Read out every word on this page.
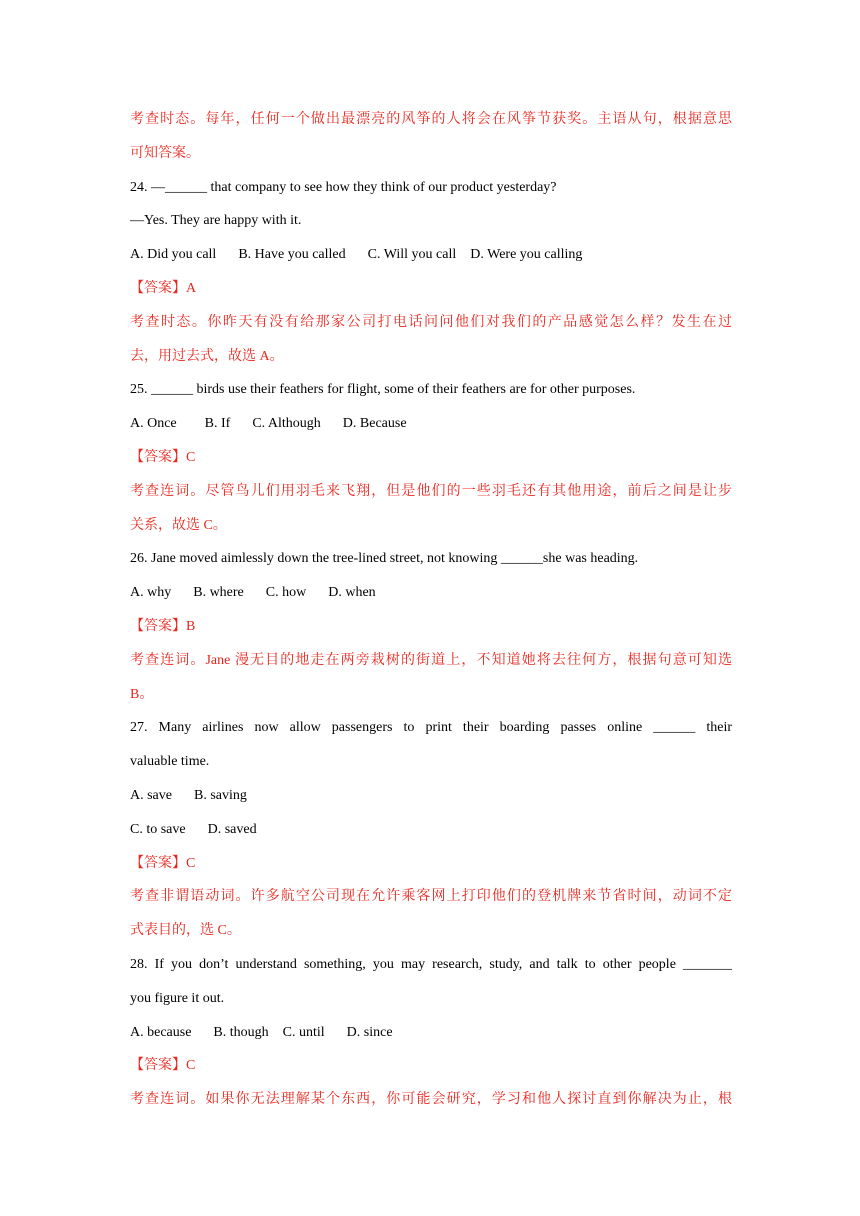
考查时态。每年，任何一个做出最漂亮的风筝的人将会在风筝节获奖。主语从句，根据意思
可知答案。
24. —______ that company to see how they think of our product yesterday?
—Yes. They are happy with it.
A. Did you call B. Have you called C. Will you call D. Were you calling
【答案】A
考查时态。你昨天有没有给那家公司打电话问问他们对我们的产品感觉怎么样？发生在过
去，用过去式，故选 A。
25. ______ birds use their feathers for flight, some of their feathers are for other purposes.
A. Once B. If C. Although D. Because
【答案】C
考查连词。尽管鸟儿们用羽毛来飞翔，但是他们的一些羽毛还有其他用途，前后之间是让步
关系，故选 C。
26. Jane moved aimlessly down the tree-lined street, not knowing ______she was heading.
A. why B. where C. how D. when
【答案】B
考查连词。Jane 漫无目的地走在两旁栽树的街道上，不知道她将去往何方，根据句意可知选
B。
27. Many airlines now allow passengers to print their boarding passes online ______ their
valuable time.
A. save B. saving
C. to save D. saved
【答案】C
考查非谓语动词。许多航空公司现在允许乘客网上打印他们的登机牌来节省时间，动词不定
式表目的，选 C。
28. If you don’t understand something, you may research, study, and talk to other people _______
you figure it out.
A. because B. though C. until D. since
【答案】C
考查连词。如果你无法理解某个东西，你可能会研究，学习和他人探讨直到你解决为止，根
